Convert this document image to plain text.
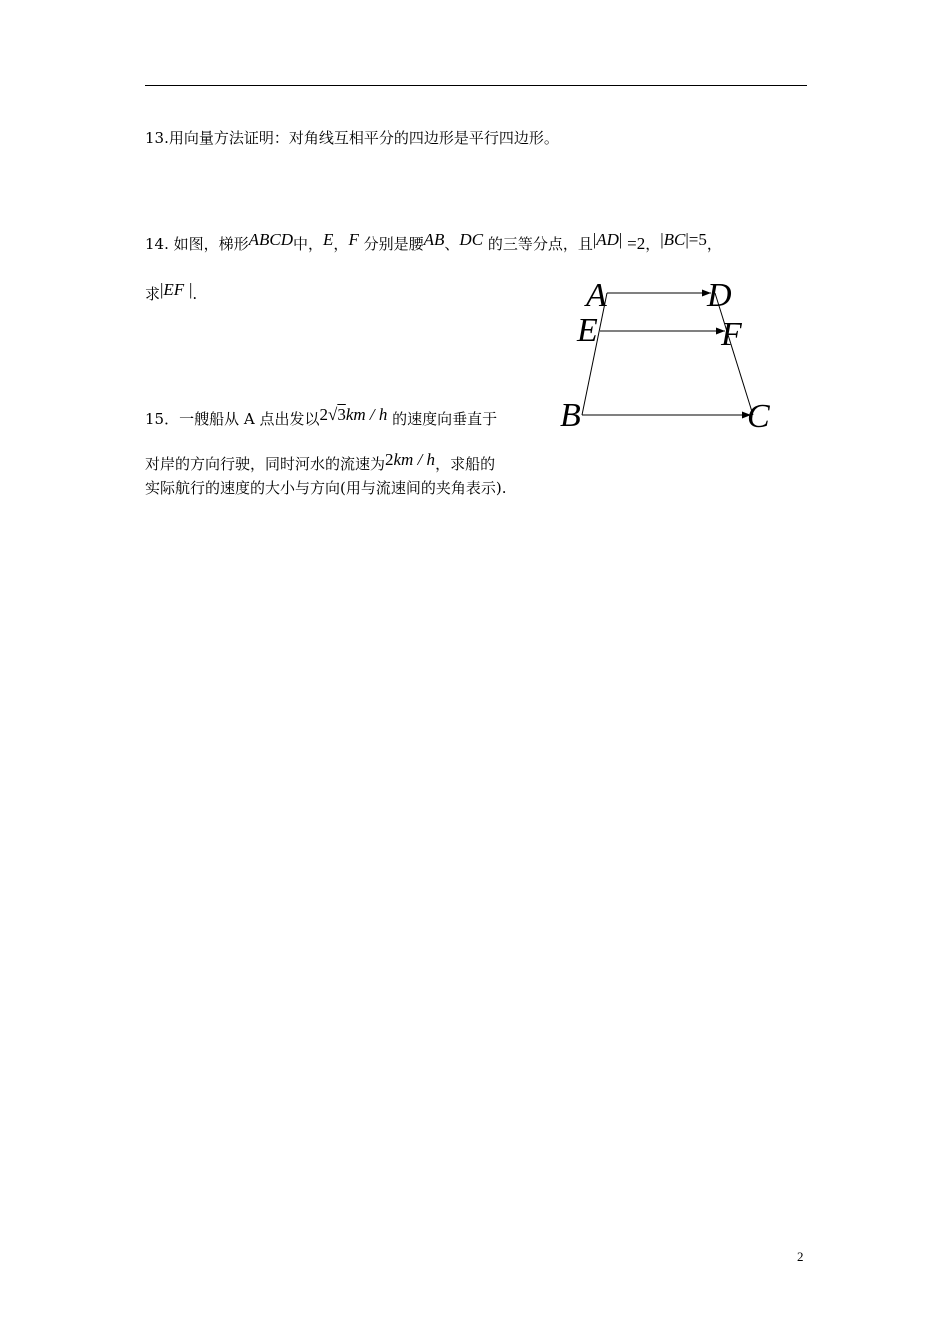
13.用向量方法证明：对角线互相平分的四边形是平行四边形。
14. 如图，梯形ABCD中，E，F 分别是腰AB、DC 的三等分点，且|AD| =2，|BC|=5，
求|EF |.	A	D
E	F
B	C
15．一艘船从 A 点出发以2√3km / h 的速度向垂直于
对岸的方向行驶，同时河水的流速为2km / h，求船的
实际航行的速度的大小与方向(用与流速间的夹角表示).
2
